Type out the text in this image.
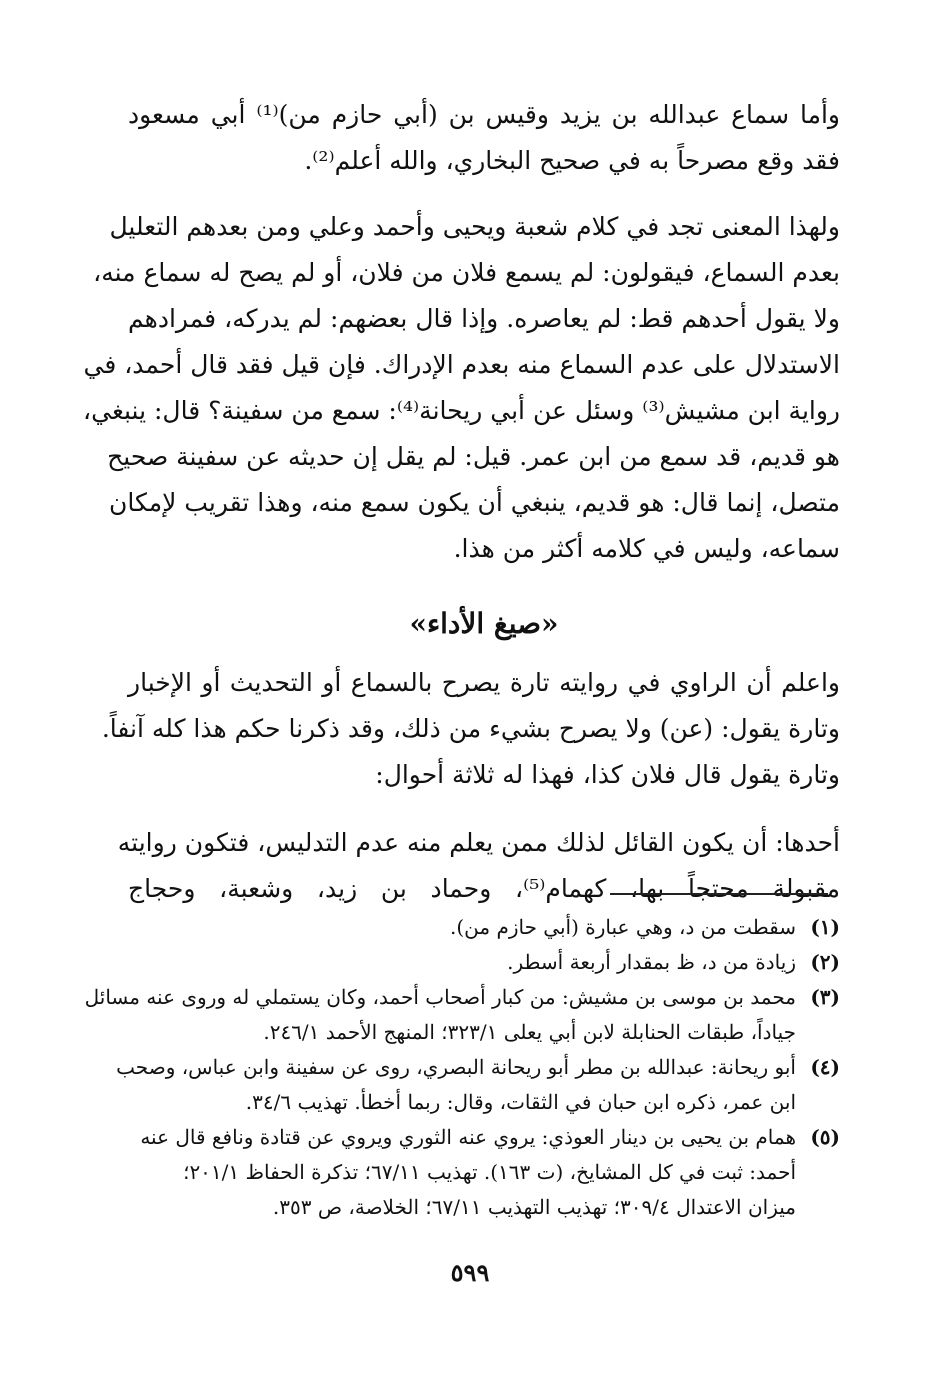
وأما سماع عبدالله بن يزيد وقيس بن (أبي حازم من)⁽¹⁾ أبي مسعود
فقد وقع مصرحاً به في صحيح البخاري، والله أعلم⁽²⁾.
ولهذا المعنى تجد في كلام شعبة ويحيى وأحمد وعلي ومن بعدهم التعليل
بعدم السماع، فيقولون: لم يسمع فلان من فلان، أو لم يصح له سماع منه،
ولا يقول أحدهم قط: لم يعاصره. وإذا قال بعضهم: لم يدركه، فمرادهم
الاستدلال على عدم السماع منه بعدم الإدراك. فإن قيل فقد قال أحمد، في
رواية ابن مشيش⁽³⁾ وسئل عن أبي ريحانة⁽⁴⁾: سمع من سفينة؟ قال: ينبغي،
هو قديم، قد سمع من ابن عمر. قيل: لم يقل إن حديثه عن سفينة صحيح
متصل، إنما قال: هو قديم، ينبغي أن يكون سمع منه، وهذا تقريب لإمكان
سماعه، وليس في كلامه أكثر من هذا.
«صيغ الأداء»
واعلم أن الراوي في روايته تارة يصرح بالسماع أو التحديث أو الإخبار
وتارة يقول: (عن) ولا يصرح بشيء من ذلك، وقد ذكرنا حكم هذا كله آنفاً.
وتارة يقول قال فلان كذا، فهذا له ثلاثة أحوال:
أحدها: أن يكون القائل لذلك ممن يعلم منه عدم التدليس، فتكون روايته
مقبولة محتجاً بها، كهمام⁽⁵⁾، وحماد بن زيد، وشعبة، وحجاج
(١)
سقطت من د، وهي عبارة (أبي حازم من).
(٢)
زيادة من د، ظ بمقدار أربعة أسطر.
(٣)
محمد بن موسى بن مشيش: من كبار أصحاب أحمد، وكان يستملي له وروى عنه مسائل
جياداً، طبقات الحنابلة لابن أبي يعلى ٣٢٣/١؛ المنهج الأحمد ٢٤٦/١.
(٤)
أبو ريحانة: عبدالله بن مطر أبو ريحانة البصري، روى عن سفينة وابن عباس، وصحب
ابن عمر، ذكره ابن حبان في الثقات، وقال: ربما أخطأ. تهذيب ٣٤/٦.
(٥)
همام بن يحيى بن دينار العوذي: يروي عنه الثوري ويروي عن قتادة ونافع قال عنه
أحمد: ثبت في كل المشايخ، (ت ١٦٣). تهذيب ٦٧/١١؛ تذكرة الحفاظ ٢٠١/١؛
ميزان الاعتدال ٣٠٩/٤؛ تهذيب التهذيب ٦٧/١١؛ الخلاصة، ص ٣٥٣.
٥٩٩
